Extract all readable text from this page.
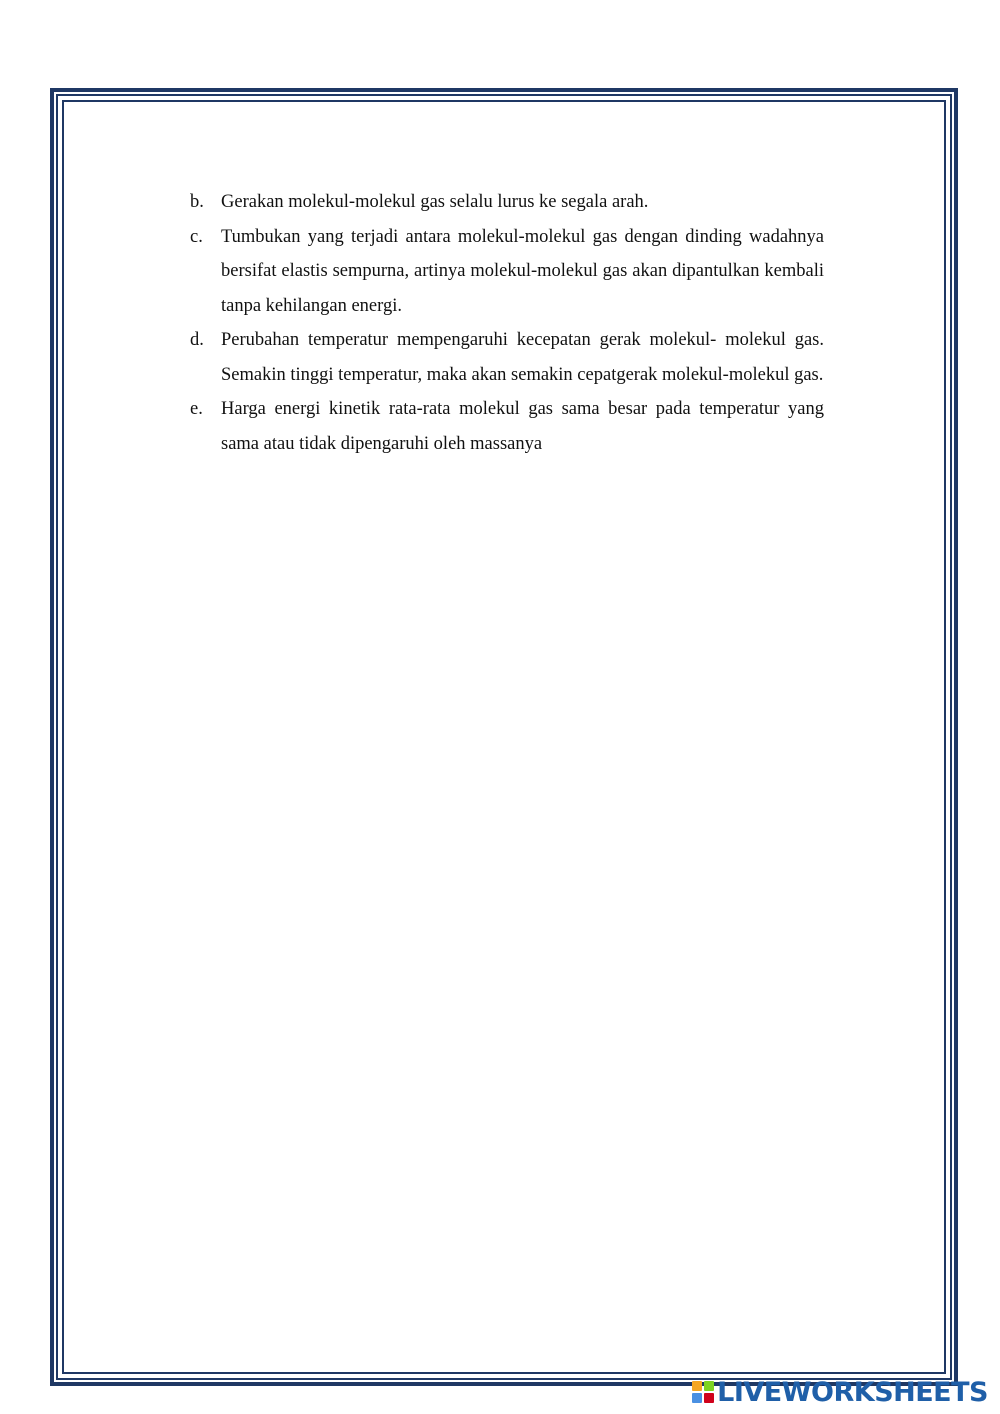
b. Gerakan molekul-molekul gas selalu lurus ke segala arah.
c. Tumbukan yang terjadi antara molekul-molekul gas dengan dinding wadahnya bersifat elastis sempurna, artinya molekul-molekul gas akan dipantulkan kembali tanpa kehilangan energi.
d. Perubahan temperatur mempengaruhi kecepatan gerak molekul- molekul gas. Semakin tinggi temperatur, maka akan semakin cepatgerak molekul-molekul gas.
e. Harga energi kinetik rata-rata molekul gas sama besar pada temperatur yang sama atau tidak dipengaruhi oleh massanya
LIVEWORKSHEETS
